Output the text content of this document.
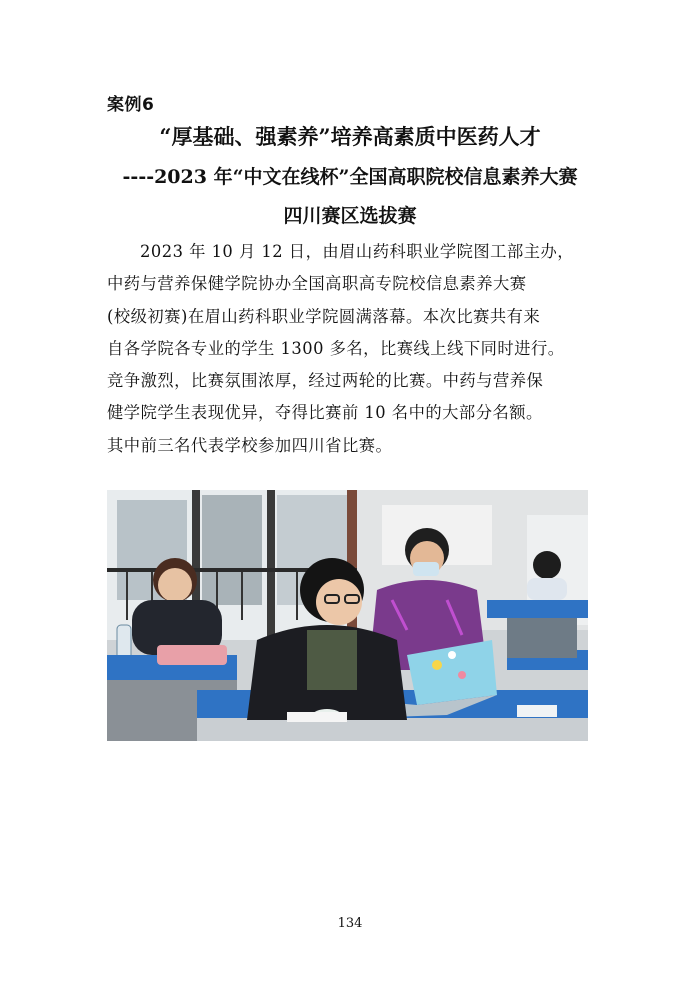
案例6
“厚基础、强素养”培养高素质中医药人才
----2023 年“中文在线杯”全国高职院校信息素养大赛
四川赛区选拔赛
2023 年 10 月 12 日，由眉山药科职业学院图工部主办，
中药与营养保健学院协办全国高职高专院校信息素养大赛
(校级初赛)在眉山药科职业学院圆满落幕。本次比赛共有来
自各学院各专业的学生 1300 多名，比赛线上线下同时进行。
竞争激烈，比赛氛围浓厚，经过两轮的比赛。中药与营养保
健学院学生表现优异，夺得比赛前 10 名中的大部分名额。
其中前三名代表学校参加四川省比赛。
134
